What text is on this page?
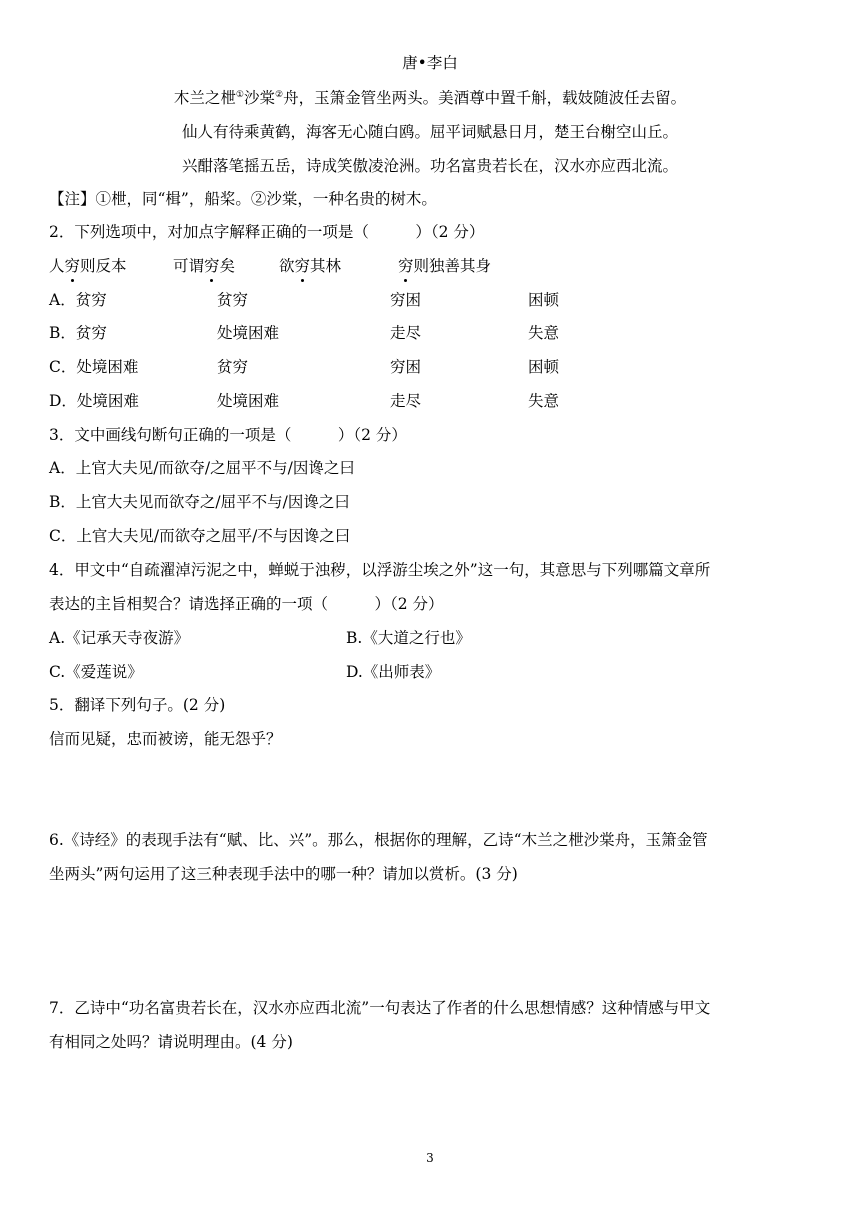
唐•李白
木兰之枻①沙棠②舟，玉箫金管坐两头。美酒尊中置千斛，载妓随波任去留。
仙人有待乘黄鹤，海客无心随白鸥。屈平词赋悬日月，楚王台榭空山丘。
兴酣落笔摇五岳，诗成笑傲凌沧洲。功名富贵若长在，汉水亦应西北流。
【注】①枻，同“楫”，船桨。②沙棠，一种名贵的树木。
2．下列选项中，对加点字解释正确的一项是（　　　）（2 分）
人穷则反本	可谓穷矣	欲穷其林	穷则独善其身
A．贫穷	贫穷	穷困	困顿
B．贫穷	处境困难	走尽	失意
C．处境困难	贫穷	穷困	困顿
D．处境困难	处境困难	走尽	失意
3．文中画线句断句正确的一项是（　　　）（2 分）
A．上官大夫见/而欲夺/之屈平不与/因谗之曰
B．上官大夫见而欲夺之/屈平不与/因谗之曰
C．上官大夫见/而欲夺之屈平/不与因谗之曰
4．甲文中“自疏濯淖污泥之中，蝉蜕于浊秽，以浮游尘埃之外”这一句，其意思与下列哪篇文章所
表达的主旨相契合？请选择正确的一项（　　　）（2 分）
A.《记承天寺夜游》	B.《大道之行也》
C.《爱莲说》	D.《出师表》
5．翻译下列句子。(2 分)
信而见疑，忠而被谤，能无怨乎？
6.《诗经》的表现手法有“赋、比、兴”。那么，根据你的理解，乙诗“木兰之枻沙棠舟，玉箫金管
坐两头”两句运用了这三种表现手法中的哪一种？请加以赏析。(3 分)
7．乙诗中“功名富贵若长在，汉水亦应西北流”一句表达了作者的什么思想情感？这种情感与甲文
有相同之处吗？请说明理由。(4 分)
3
